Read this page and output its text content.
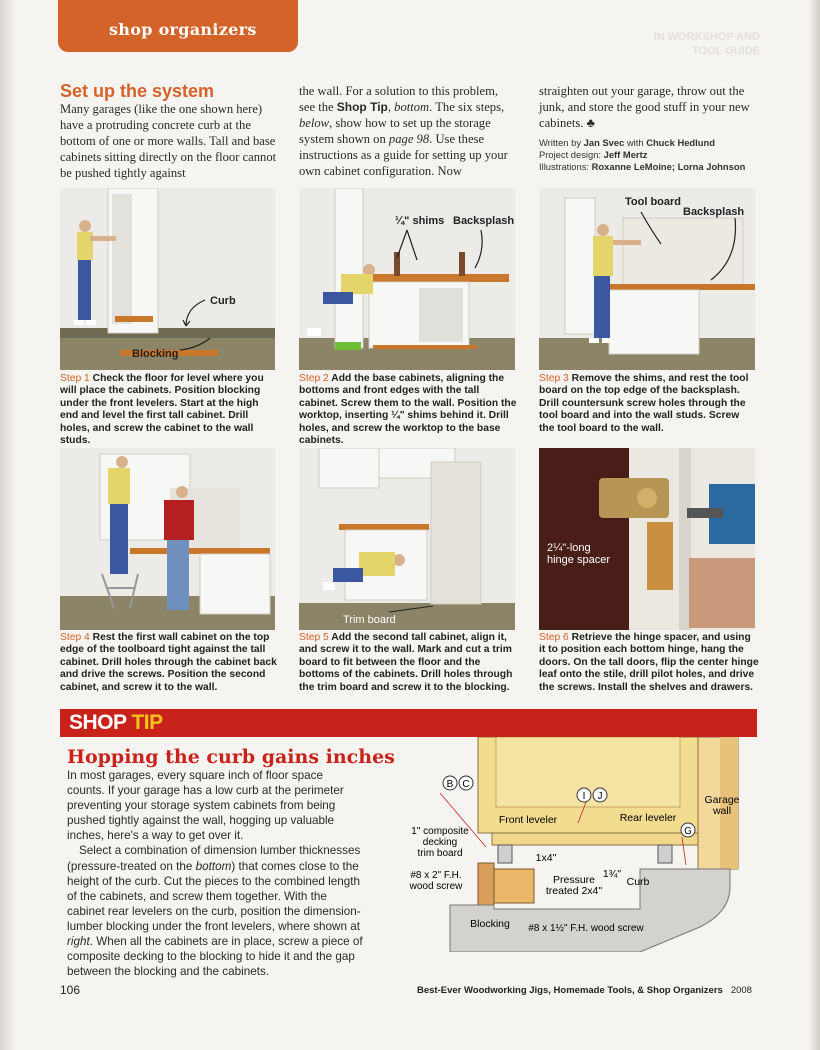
shop organizers	IN WORKSHOP AND TOOL GUIDE
Set up the system

Many garages (like the one shown here) have a protruding concrete curb at the bottom of one or more walls. Tall and base cabinets sitting directly on the floor cannot be pushed tightly against

the wall. For a solution to this problem, see the Shop Tip, bottom. The six steps, below, show how to set up the storage system shown on page 98. Use these instructions as a guide for setting up your own cabinet configuration. Now

straighten out your garage, throw out the junk, and store the good stuff in your new cabinets. ♣

Written by Jan Svec with Chuck Hedlund
Project design: Jeff Mertz
Illustrations: Roxanne LeMoine; Lorna Johnson
Curb
Blocking
¼" shims Backsplash
Tool board
Backsplash
Step 1 Check the floor for level where you will place the cabinets. Position blocking under the front levelers. Start at the high end and level the first tall cabinet. Drill holes, and screw the cabinet to the wall studs.
Step 2 Add the base cabinets, aligning the bottoms and front edges with the tall cabinet. Screw them to the wall. Position the worktop, inserting ¼" shims behind it. Drill holes, and screw the worktop to the base cabinets.
Step 3 Remove the shims, and rest the tool board on the top edge of the backsplash. Drill countersunk screw holes through the tool board and into the wall studs. Screw the tool board to the wall.
Trim board
2¼"-long
hinge spacer
Step 4 Rest the first wall cabinet on the top edge of the toolboard tight against the tall cabinet. Drill holes through the cabinet back and drive the screws. Position the second cabinet, and screw it to the wall.
Step 5 Add the second tall cabinet, align it, and screw it to the wall. Mark and cut a trim board to fit between the floor and the bottoms of the cabinets. Drill holes through the trim board and screw it to the blocking.
Step 6 Retrieve the hinge spacer, and using it to position each bottom hinge, hang the doors. On the tall doors, flip the center hinge leaf onto the stile, drill pilot holes, and drive the screws. Install the shelves and drawers.
SHOP TIP
Hopping the curb gains inches

In most garages, every square inch of floor space counts. If your garage has a low curb at the perimeter preventing your storage system cabinets from being pushed tightly against the wall, hogging up valuable inches, here's a way to get over it.

Select a combination of dimension lumber thicknesses (pressure-treated on the bottom) that comes close to the height of the curb. Cut the pieces to the combined length of the cabinets, and screw them together. With the cabinet rear levelers on the curb, position the dimension-lumber blocking under the front levelers, where shown at right. When all the cabinets are in place, screw a piece of composite decking to the blocking to hide it and the gap between the blocking and the cabinets.

B C
I J
G
1" composite
decking
trim board
#8 x 2" F.H.
wood screw
Front leveler	Rear leveler
1x4"
Pressure
treated 2x4"
1¾"
Curb
Garage
wall
Blocking #8 x 1½" F.H. wood screw
106	Best-Ever Woodworking Jigs, Homemade Tools, & Shop Organizers 2008
